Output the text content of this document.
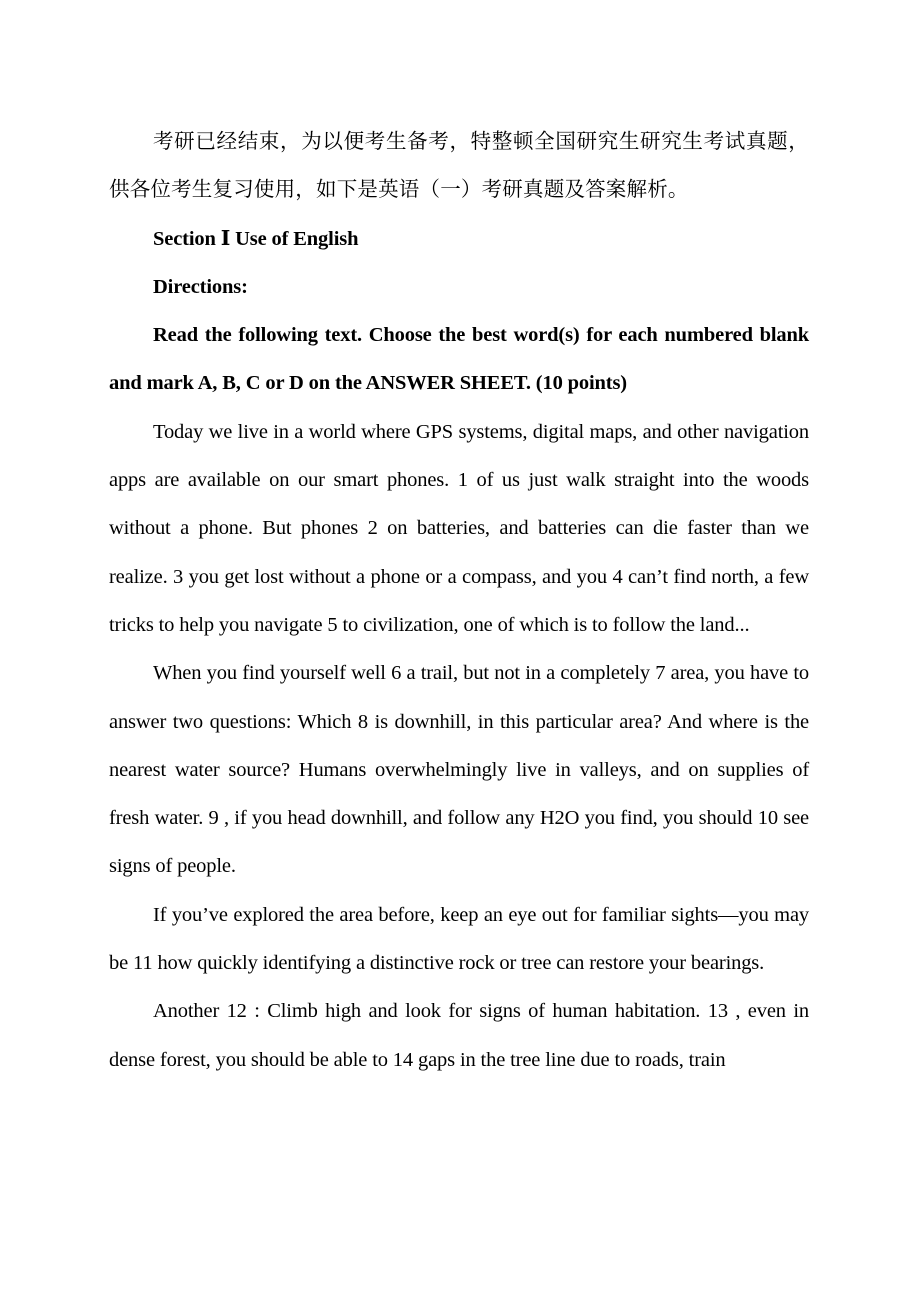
考研已经结束，为以便考生备考，特整顿全国研究生研究生考试真题，供各位考生复习使用，如下是英语（一）考研真题及答案解析。

Section Ⅰ Use of English

Directions:

Read the following text. Choose the best word(s) for each numbered blank and mark A, B, C or D on the ANSWER SHEET. (10 points)

Today we live in a world where GPS systems, digital maps, and other navigation apps are available on our smart phones. 1 of us just walk straight into the woods without a phone. But phones 2 on batteries, and batteries can die faster than we realize. 3 you get lost without a phone or a compass, and you 4 can’t find north, a few tricks to help you navigate 5 to civilization, one of which is to follow the land...

When you find yourself well 6 a trail, but not in a completely 7 area, you have to answer two questions: Which 8 is downhill, in this particular area? And where is the nearest water source? Humans overwhelmingly live in valleys, and on supplies of fresh water. 9 , if you head downhill, and follow any H2O you find, you should 10 see signs of people.

If you’ve explored the area before, keep an eye out for familiar sights—you may be 11 how quickly identifying a distinctive rock or tree can restore your bearings.

Another 12 : Climb high and look for signs of human habitation. 13 , even in dense forest, you should be able to 14 gaps in the tree line due to roads, train
